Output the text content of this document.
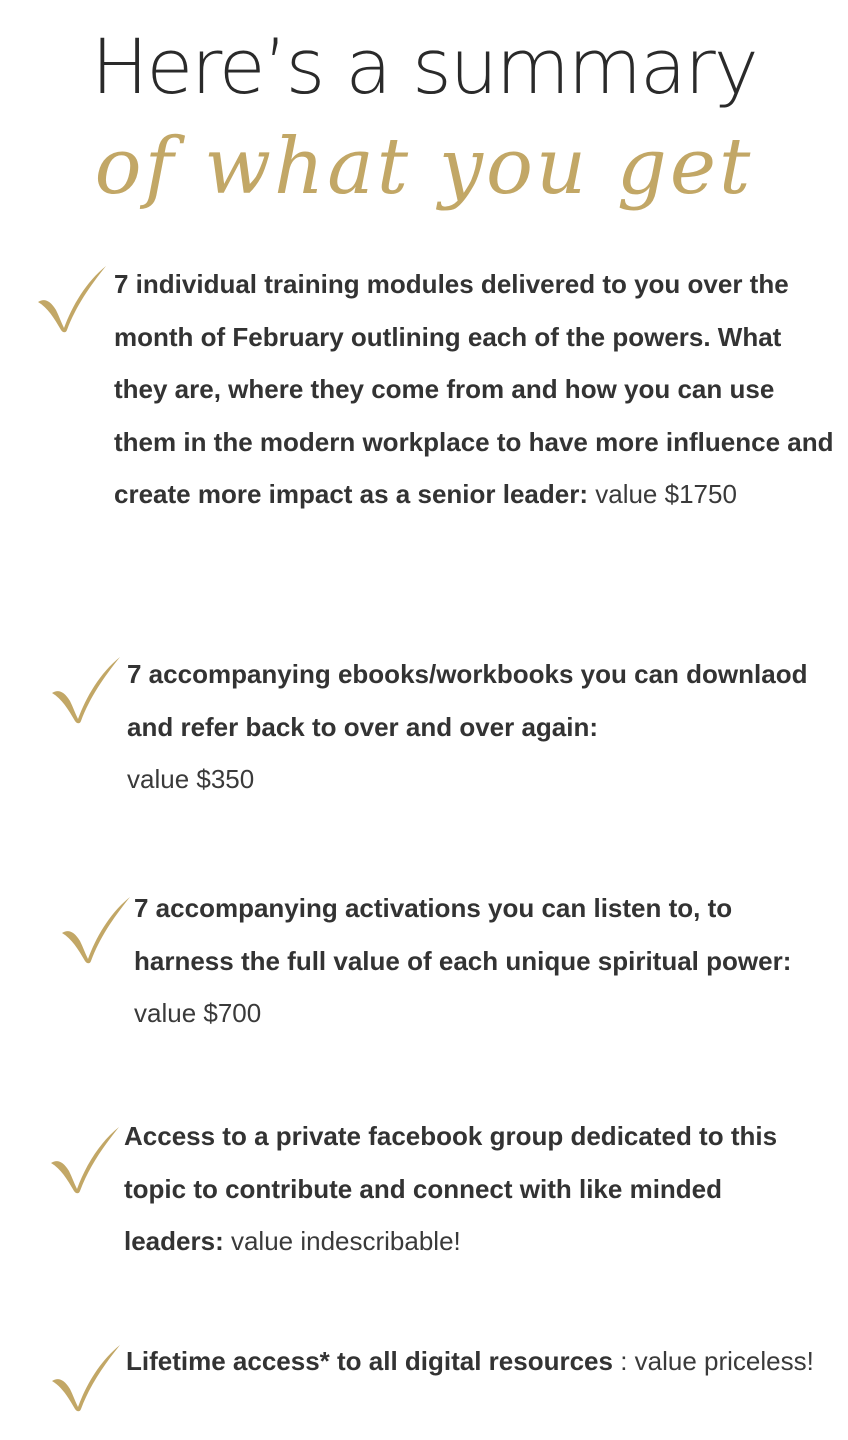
Here’s a summary
of what you get

7 individual training modules delivered to you over the month of February outlining each of the powers. What they are, where they come from and how you can use them in the modern workplace to have more influence and create more impact as a senior leader: value $1750

7 accompanying ebooks/workbooks you can downlaod and refer back to over and over again:
value $350

7 accompanying activations you can listen to, to harness the full value of each unique spiritual power: value $700

Access to a private facebook group dedicated to this topic to contribute and connect with like minded leaders: value indescribable!

Lifetime access* to all digital resources : value priceless!
